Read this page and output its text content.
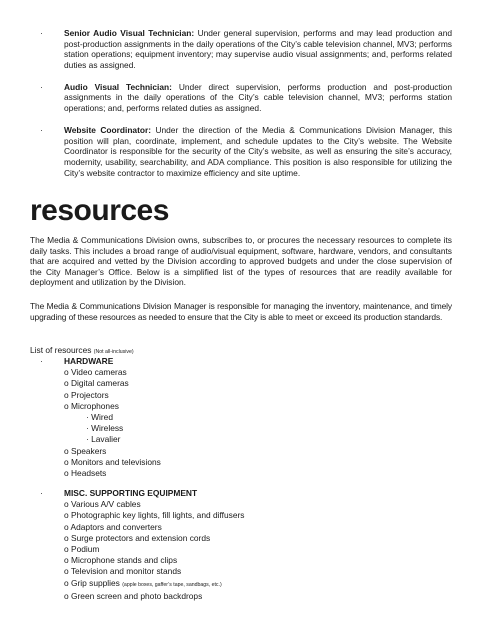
·	Senior Audio Visual Technician: Under general supervision, performs and may lead production and post-production assignments in the daily operations of the City’s cable television channel, MV3; performs station operations; equipment inventory; may supervise audio visual assignments; and, performs related duties as assigned.
·	Audio Visual Technician: Under direct supervision, performs production and post-production assignments in the daily operations of the City’s cable television channel, MV3; performs station operations; and, performs related duties as assigned.
·	Website Coordinator: Under the direction of the Media & Communications Division Manager, this position will plan, coordinate, implement, and schedule updates to the City’s website. The Website Coordinator is responsible for the security of the City’s website, as well as ensuring the site’s accuracy, modernity, usability, searchability, and ADA compliance. This position is also responsible for utilizing the City’s website contractor to maximize efficiency and site uptime.
resources
The Media & Communications Division owns, subscribes to, or procures the necessary resources to complete its daily tasks. This includes a broad range of audio/visual equipment, software, hardware, vendors, and consultants that are acquired and vetted by the Division according to approved budgets and under the close supervision of the City Manager’s Office. Below is a simplified list of the types of resources that are readily available for deployment and utilization by the Division.
The Media & Communications Division Manager is responsible for managing the inventory, maintenance, and timely upgrading of these resources as needed to ensure that the City is able to meet or exceed its production standards.
List of resources (Not all-inclusive)
·	HARDWARE
o Video cameras
o Digital cameras
o Projectors
o Microphones
· Wired
· Wireless
· Lavalier
o Speakers
o Monitors and televisions
o Headsets
·	MISC. SUPPORTING EQUIPMENT
o Various A/V cables
o Photographic key lights, fill lights, and diffusers
o Adaptors and converters
o Surge protectors and extension cords
o Podium
o Microphone stands and clips
o Television and monitor stands
o Grip supplies (apple boxes, gaffer’s tape, sandbags, etc.)
o Green screen and photo backdrops
